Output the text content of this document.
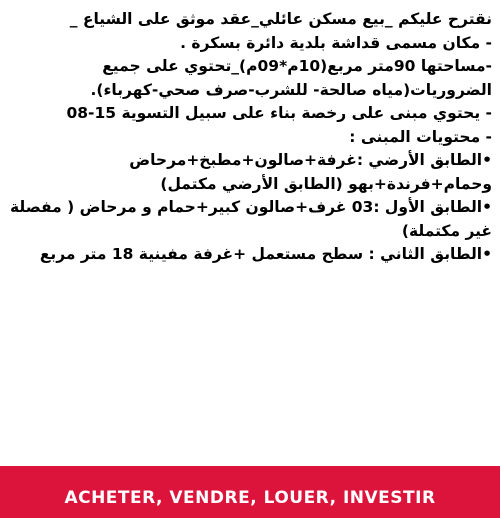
نقترح عليكم _بيع مسكن عائلي_عقد موثق على الشياع _

- مكان مسمى قداشة بلدية دائرة بسكرة .

-مساحتها 90متر مربع(10م*09م)_تحتوي على جميع الضروريات(مياه صالحة- للشرب-صرف صحي-كهرباء).

- يحتوي مبنى على رخصة بناء على سبيل التسوية 15-08

- محتويات المبنى :

•الطابق الأرضي :غرفة+صالون+مطبخ+مرحاض وحمام+فرندة+بهو (الطابق الأرضي مكتمل)

•الطابق الأول :03 غرف+صالون كبير+حمام و مرحاض ( مفصلة غير مكتملة)

•الطابق الثاني : سطح مستعمل +غرفة مفينية 18 متر مربع

ACHETER, VENDRE, LOUER, INVESTIR
